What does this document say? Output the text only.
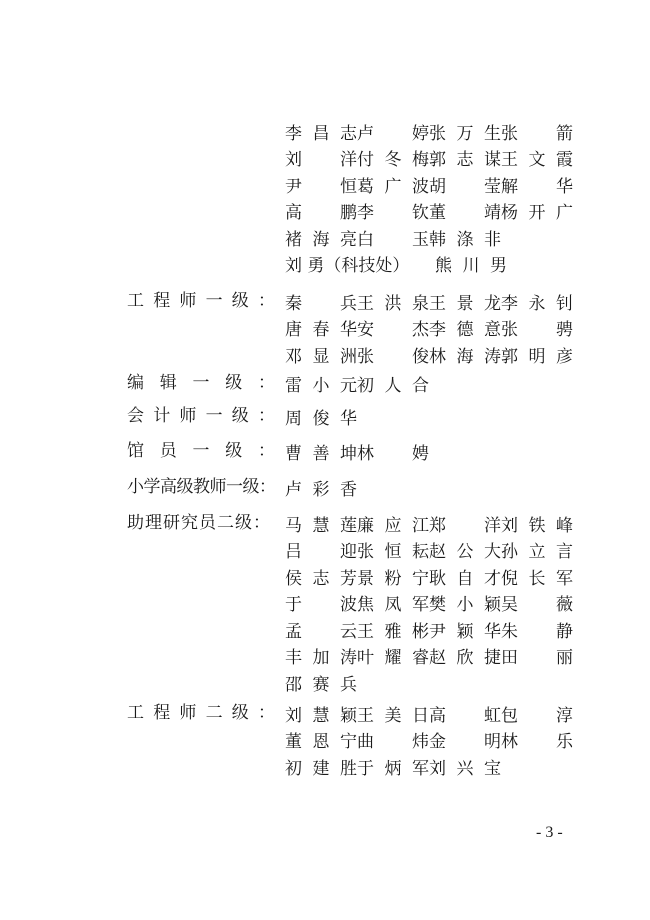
李 昌 志 卢 婷 张 万 生 张 箭
刘 洋 付 冬 梅 郭 志 谋 王 文 霞
尹 恒 葛 广 波 胡 莹 解 华
高 鹏 李 钦 董 靖 杨 开 广
褚 海 亮 白 玉 韩 涤 非
刘 勇（科技处）	熊 川 男
工 程 师 一 级 ： 秦 兵 王 洪 泉 王 景 龙 李 永 钊
唐 春 华 安 杰 李 德 意 张 骋
邓 显 洲 张 俊 林 海 涛 郭 明 彦
编 辑 一 级 ： 雷 小 元 初 人 合
会 计 师 一 级 ： 周 俊 华
馆 员 一 级 ： 曹 善 坤 林 娉
小学高级教师一级： 卢 彩 香
助理研究员二级： 马 慧 莲 廉 应 江 郑 洋 刘 铁 峰
吕 迎 张 恒 耘 赵 公 大 孙 立 言
侯 志 芳 景 粉 宁 耿 自 才 倪 长 军
于 波 焦 凤 军 樊 小 颖 吴 薇
孟 云 王 雅 彬 尹 颖 华 朱 静
丰 加 涛 叶 耀 睿 赵 欣 捷 田 丽
邵 赛 兵
工 程 师 二 级 ： 刘 慧 颖 王 美 日 高 虹 包 淳
董 恩 宁 曲 炜 金 明 林 乐
初 建 胜 于 炳 军 刘 兴 宝
- 3 -
